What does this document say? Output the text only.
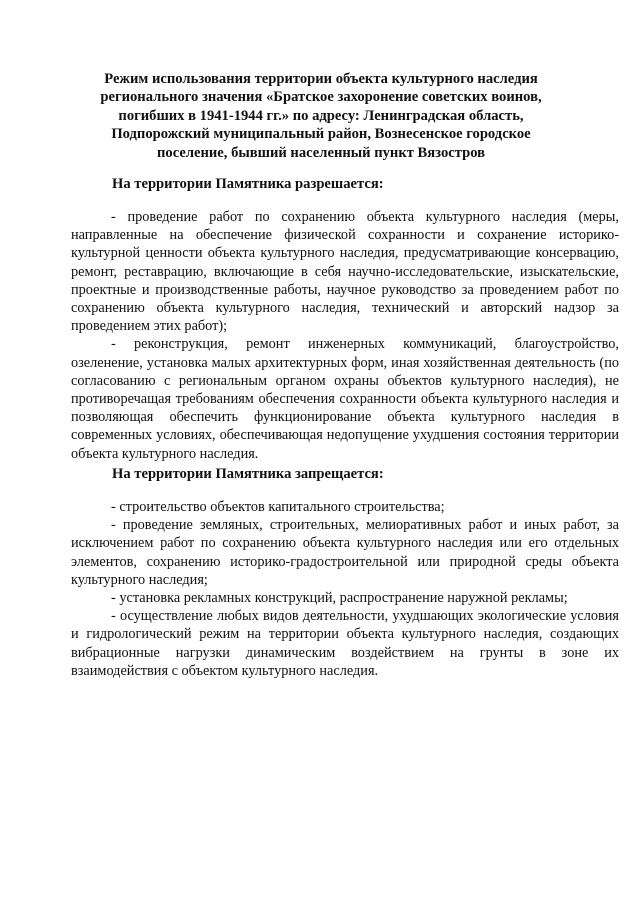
Режим использования территории объекта культурного наследия регионального значения «Братское захоронение советских воинов, погибших в 1941-1944 гг.» по адресу: Ленинградская область, Подпорожский муниципальный район, Вознесенское городское поселение, бывший населенный пункт Вязостров
На территории Памятника разрешается:

- проведение работ по сохранению объекта культурного наследия (меры, направленные на обеспечение физической сохранности и сохранение историко-культурной ценности объекта культурного наследия, предусматривающие консервацию, ремонт, реставрацию, включающие в себя научно-исследовательские, изыскательские, проектные и производственные работы, научное руководство за проведением работ по сохранению объекта культурного наследия, технический и авторский надзор за проведением этих работ);

- реконструкция, ремонт инженерных коммуникаций, благоустройство, озеленение, установка малых архитектурных форм, иная хозяйственная деятельность (по согласованию с региональным органом охраны объектов культурного наследия), не противоречащая требованиям обеспечения сохранности объекта культурного наследия и позволяющая обеспечить функционирование объекта культурного наследия в современных условиях, обеспечивающая недопущение ухудшения состояния территории объекта культурного наследия.

На территории Памятника запрещается:

- строительство объектов капитального строительства;

- проведение земляных, строительных, мелиоративных работ и иных работ, за исключением работ по сохранению объекта культурного наследия или его отдельных элементов, сохранению историко-градостроительной или природной среды объекта культурного наследия;

- установка рекламных конструкций, распространение наружной рекламы;

- осуществление любых видов деятельности, ухудшающих экологические условия и гидрологический режим на территории объекта культурного наследия, создающих вибрационные нагрузки динамическим воздействием на грунты в зоне их взаимодействия с объектом культурного наследия.
